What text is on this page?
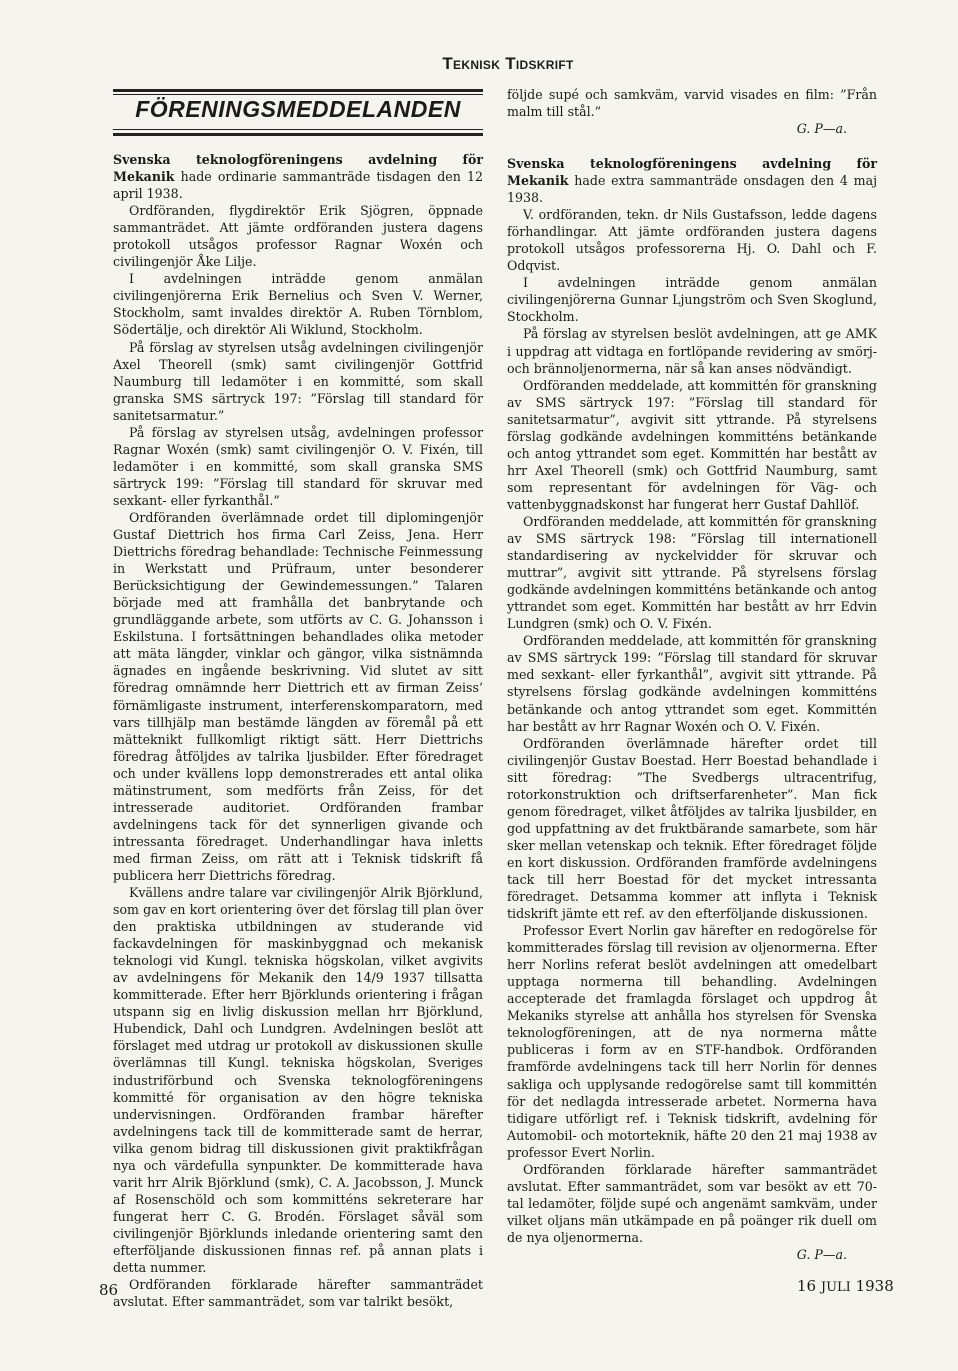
Teknisk Tidskrift
FÖRENINGSMEDDELANDEN

följde supé och samkväm, varvid visades en film: ”Från malm till stål.”

G. P—a.

Svenska teknologföreningens avdelning för Mekanik hade ordinarie sammanträde tisdagen den 12 april 1938.

Ordföranden, flygdirektör Erik Sjögren, öppnade sammanträdet. Att jämte ordföranden justera dagens protokoll utsågos professor Ragnar Woxén och civilingenjör Åke Lilje.

I avdelningen inträdde genom anmälan civilingenjörerna Erik Bernelius och Sven V. Werner, Stockholm, samt invaldes direktör A. Ruben Törnblom, Södertälje, och direktör Ali Wiklund, Stockholm.

På förslag av styrelsen utsåg avdelningen civilingenjör Axel Theorell (smk) samt civilingenjör Gottfrid Naumburg till ledamöter i en kommitté, som skall granska SMS särtryck 197: ”Förslag till standard för sanitetsarmatur.”

På förslag av styrelsen utsåg, avdelningen professor Ragnar Woxén (smk) samt civilingenjör O. V. Fixén, till ledamöter i en kommitté, som skall granska SMS särtryck 199: ”Förslag till standard för skruvar med sexkant- eller fyrkanthål.”

Ordföranden överlämnade ordet till diplomingenjör Gustaf Diettrich hos firma Carl Zeiss, Jena. Herr Diettrichs föredrag behandlade: Technische Feinmessung in Werkstatt und Prüfraum, unter besonderer Berücksichtigung der Gewindemessungen.” Talaren började med att framhålla det banbrytande och grundläggande arbete, som utförts av C. G. Johansson i Eskilstuna. I fortsättningen behandlades olika metoder att mäta längder, vinklar och gängor, vilka sistnämnda ägnades en ingående beskrivning. Vid slutet av sitt föredrag omnämnde herr Diettrich ett av firman Zeiss’ förnämligaste instrument, interferenskomparatorn, med vars tillhjälp man bestämde längden av föremål på ett mätteknikt fullkomligt riktigt sätt. Herr Diettrichs föredrag åtföljdes av talrika ljusbilder. Efter föredraget och under kvällens lopp demonstrerades ett antal olika mätinstrument, som medförts från Zeiss, för det intresserade auditoriet. Ordföranden frambar avdelningens tack för det synnerligen givande och intressanta föredraget. Underhandlingar hava inletts med firman Zeiss, om rätt att i Teknisk tidskrift få publicera herr Diettrichs föredrag.

Kvällens andre talare var civilingenjör Alrik Björklund, som gav en kort orientering över det förslag till plan över den praktiska utbildningen av studerande vid fackavdelningen för maskinbyggnad och mekanisk teknologi vid Kungl. tekniska högskolan, vilket avgivits av avdelningens för Mekanik den 14/9 1937 tillsatta kommitterade. Efter herr Björklunds orientering i frågan utspann sig en livlig diskussion mellan hrr Björklund, Hubendick, Dahl och Lundgren. Avdelningen beslöt att förslaget med utdrag ur protokoll av diskussionen skulle överlämnas till Kungl. tekniska högskolan, Sveriges industriförbund och Svenska teknologföreningens kommitté för organisation av den högre tekniska undervisningen. Ordföranden frambar härefter avdelningens tack till de kommitterade samt de herrar, vilka genom bidrag till diskussionen givit praktikfrågan nya och värdefulla synpunkter. De kommitterade hava varit hrr Alrik Björklund (smk), C. A. Jacobsson, J. Munck af Rosenschöld och som kommitténs sekreterare har fungerat herr C. G. Brodén. Förslaget såväl som civilingenjör Björklunds inledande orientering samt den efterföljande diskussionen finnas ref. på annan plats i detta nummer.

Ordföranden förklarade härefter sammanträdet avslutat. Efter sammanträdet, som var talrikt besökt,

Svenska teknologföreningens avdelning för Mekanik hade extra sammanträde onsdagen den 4 maj 1938.

V. ordföranden, tekn. dr Nils Gustafsson, ledde dagens förhandlingar. Att jämte ordföranden justera dagens protokoll utsågos professorerna Hj. O. Dahl och F. Odqvist.

I avdelningen inträdde genom anmälan civilingenjörerna Gunnar Ljungström och Sven Skoglund, Stockholm.

På förslag av styrelsen beslöt avdelningen, att ge AMK i uppdrag att vidtaga en fortlöpande revidering av smörj- och brännoljenormerna, när så kan anses nödvändigt.

Ordföranden meddelade, att kommittén för granskning av SMS särtryck 197: ”Förslag till standard för sanitetsarmatur”, avgivit sitt yttrande. På styrelsens förslag godkände avdelningen kommitténs betänkande och antog yttrandet som eget. Kommittén har bestått av hrr Axel Theorell (smk) och Gottfrid Naumburg, samt som representant för avdelningen för Väg- och vattenbyggnadskonst har fungerat herr Gustaf Dahllöf.

Ordföranden meddelade, att kommittén för granskning av SMS särtryck 198: ”Förslag till internationell standardisering av nyckelvidder för skruvar och muttrar”, avgivit sitt yttrande. På styrelsens förslag godkände avdelningen kommitténs betänkande och antog yttrandet som eget. Kommittén har bestått av hrr Edvin Lundgren (smk) och O. V. Fixén.

Ordföranden meddelade, att kommittén för granskning av SMS särtryck 199: ”Förslag till standard för skruvar med sexkant- eller fyrkanthål”, avgivit sitt yttrande. På styrelsens förslag godkände avdelningen kommitténs betänkande och antog yttrandet som eget. Kommittén har bestått av hrr Ragnar Woxén och O. V. Fixén.

Ordföranden överlämnade härefter ordet till civilingenjör Gustav Boestad. Herr Boestad behandlade i sitt föredrag: ”The Svedbergs ultracentrifug, rotorkonstruktion och driftserfarenheter”. Man fick genom föredraget, vilket åtföljdes av talrika ljusbilder, en god uppfattning av det fruktbärande samarbete, som här sker mellan vetenskap och teknik. Efter föredraget följde en kort diskussion. Ordföranden framförde avdelningens tack till herr Boestad för det mycket intressanta föredraget. Detsamma kommer att inflyta i Teknisk tidskrift jämte ett ref. av den efterföljande diskussionen.

Professor Evert Norlin gav härefter en redogörelse för kommitterades förslag till revision av oljenormerna. Efter herr Norlins referat beslöt avdelningen att omedelbart upptaga normerna till behandling. Avdelningen accepterade det framlagda förslaget och uppdrog åt Mekaniks styrelse att anhålla hos styrelsen för Svenska teknologföreningen, att de nya normerna måtte publiceras i form av en STF-handbok. Ordföranden framförde avdelningens tack till herr Norlin för dennes sakliga och upplysande redogörelse samt till kommittén för det nedlagda intresserade arbetet. Normerna hava tidigare utförligt ref. i Teknisk tidskrift, avdelning för Automobil- och motorteknik, häfte 20 den 21 maj 1938 av professor Evert Norlin.

Ordföranden förklarade härefter sammanträdet avslutat. Efter sammanträdet, som var besökt av ett 70-tal ledamöter, följde supé och angenämt samkväm, under vilket oljans män utkämpade en på poänger rik duell om de nya oljenormerna.

G. P—a.

86	16 JULI 1938
